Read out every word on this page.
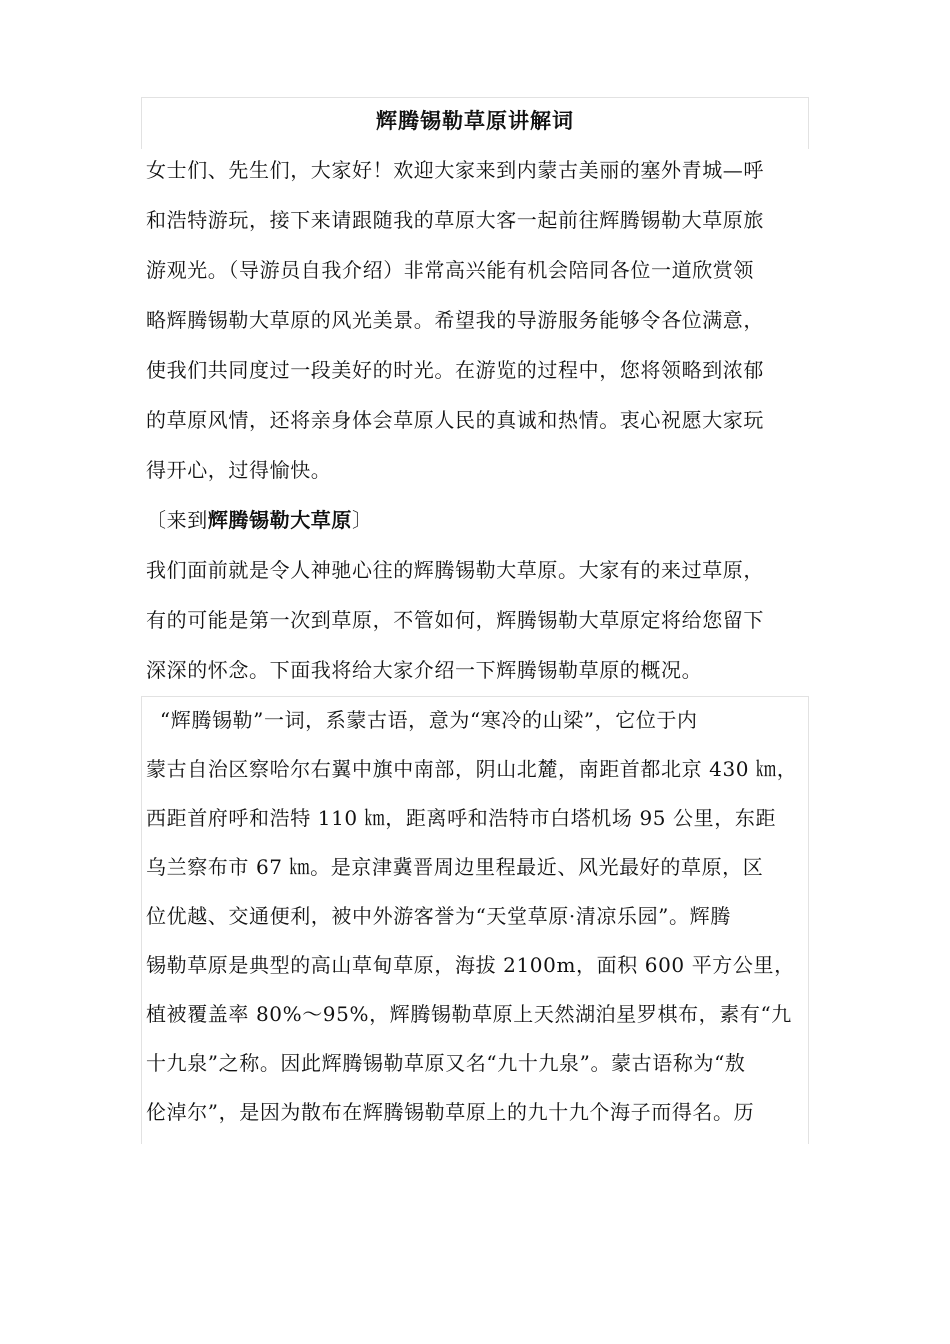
辉腾锡勒草原讲解词

女士们、先生们，大家好！欢迎大家来到内蒙古美丽的塞外青城—呼

和浩特游玩，接下来请跟随我的草原大客一起前往辉腾锡勒大草原旅

游观光。（导游员自我介绍）非常高兴能有机会陪同各位一道欣赏领

略辉腾锡勒大草原的风光美景。希望我的导游服务能够令各位满意，

使我们共同度过一段美好的时光。在游览的过程中，您将领略到浓郁

的草原风情，还将亲身体会草原人民的真诚和热情。衷心祝愿大家玩

得开心，过得愉快。

〔来到辉腾锡勒大草原〕

我们面前就是令人神驰心往的辉腾锡勒大草原。大家有的来过草原，

有的可能是第一次到草原，不管如何，辉腾锡勒大草原定将给您留下

深深的怀念。下面我将给大家介绍一下辉腾锡勒草原的概况。

“辉腾锡勒”一词，系蒙古语，意为“寒冷的山梁”，它位于内

蒙古自治区察哈尔右翼中旗中南部，阴山北麓，南距首都北京 430 ㎞，

西距首府呼和浩特 110 ㎞，距离呼和浩特市白塔机场 95 公里，东距

乌兰察布市 67 ㎞。是京津冀晋周边里程最近、风光最好的草原，区

位优越、交通便利，被中外游客誉为“天堂草原·清凉乐园”。辉腾

锡勒草原是典型的高山草甸草原，海拔 2100m，面积 600 平方公里，

植被覆盖率 80%～95%，辉腾锡勒草原上天然湖泊星罗棋布，素有“九

十九泉”之称。因此辉腾锡勒草原又名“九十九泉”。蒙古语称为“敖

伦淖尔”，是因为散布在辉腾锡勒草原上的九十九个海子而得名。历
